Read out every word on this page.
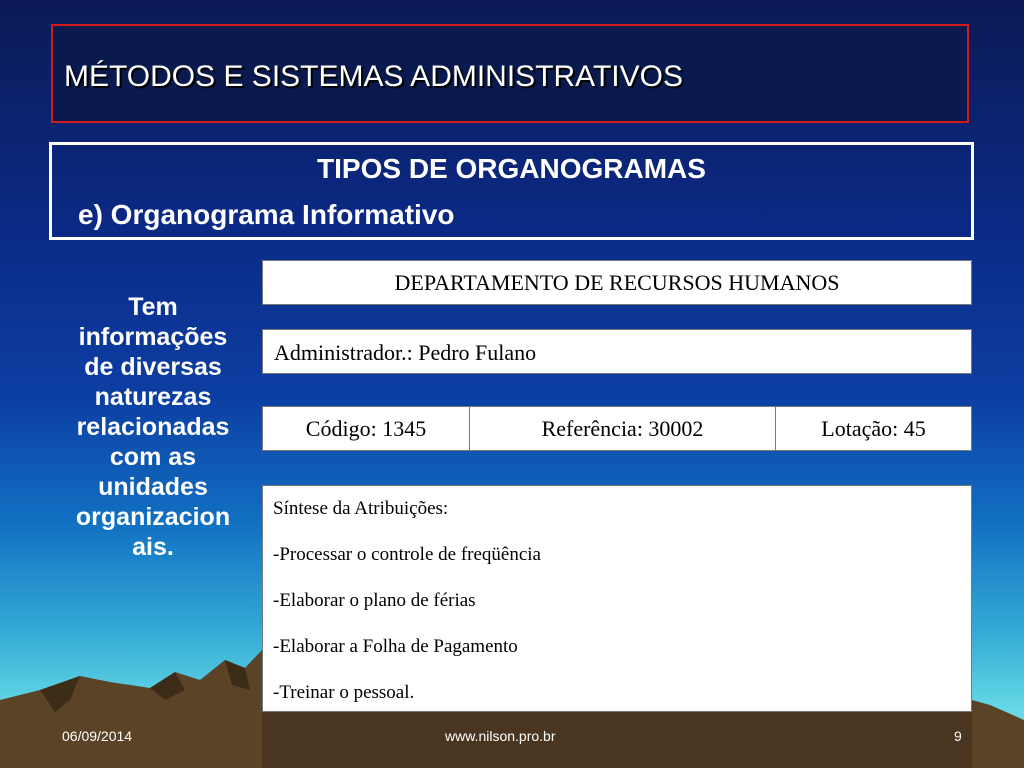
MÉTODOS E SISTEMAS ADMINISTRATIVOS
TIPOS DE ORGANOGRAMAS
e) Organograma Informativo
Tem
informações
de diversas
naturezas
relacionadas
com as
unidades
organizacion
ais.
DEPARTAMENTO DE RECURSOS HUMANOS
Administrador.: Pedro Fulano
Código: 1345	Referência: 30002	Lotação: 45
Síntese da Atribuições:
-Processar o controle de freqüência
-Elaborar o plano de férias
-Elaborar a Folha de Pagamento
-Treinar o pessoal.
06/09/2014	www.nilson.pro.br	9
